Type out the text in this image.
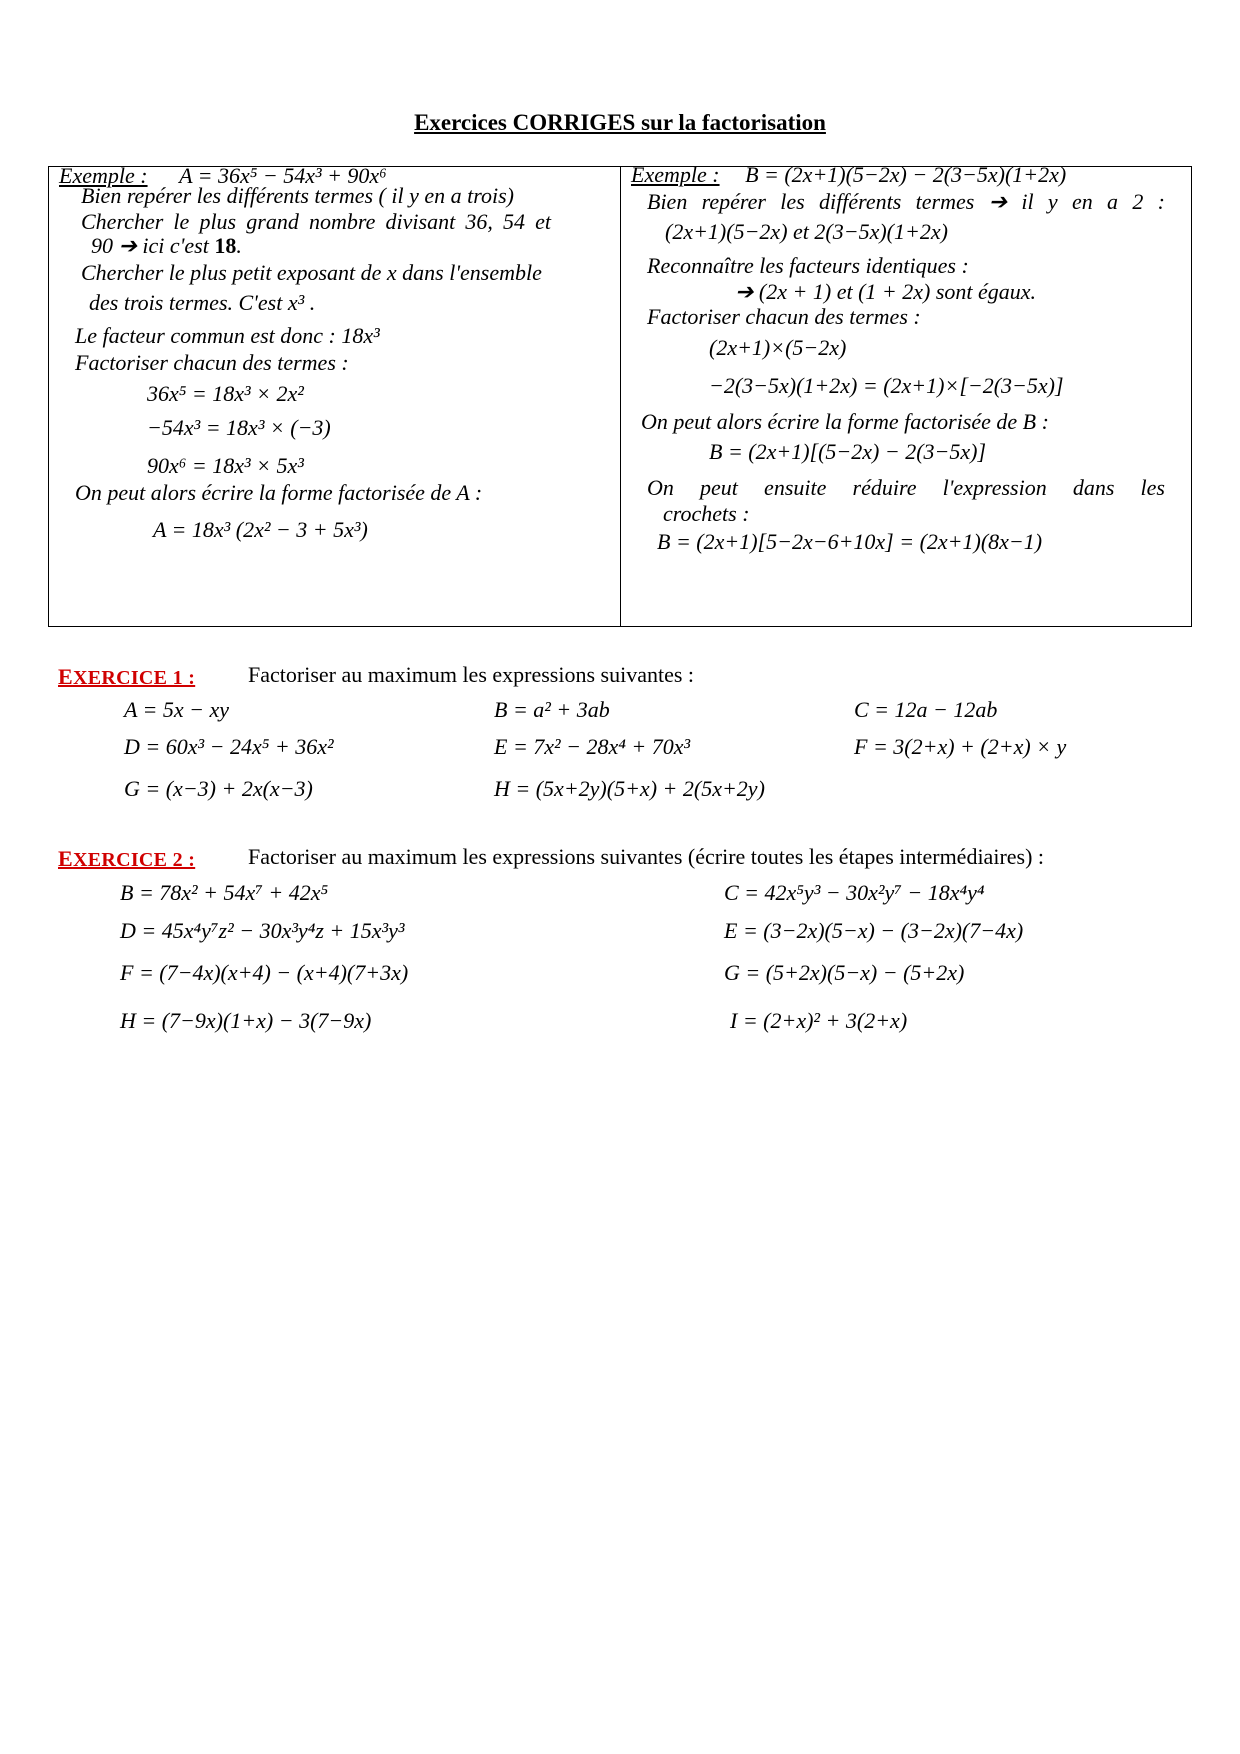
Exercices CORRIGES sur la factorisation
Exemple : A = 36x⁵ − 54x³ + 90x⁶
Bien repérer les différents termes ( il y en a trois)
Chercher le plus grand nombre divisant 36, 54 et
90 ➔ ici c'est 18.
Chercher le plus petit exposant de x dans l'ensemble
des trois termes. C'est x³ .
Le facteur commun est donc : 18x³
Factoriser chacun des termes :
36x⁵ = 18x³ × 2x²
−54x³ = 18x³ × (−3)
90x⁶ = 18x³ × 5x³
On peut alors écrire la forme factorisée de A :
A = 18x³ (2x² − 3 + 5x³)
Exemple : B = (2x+1)(5−2x) − 2(3−5x)(1+2x)
Bien repérer les différents termes ➔ il y en a 2 :
(2x+1)(5−2x) et 2(3−5x)(1+2x)
Reconnaître les facteurs identiques :
➔ (2x + 1) et (1 + 2x) sont égaux.
Factoriser chacun des termes :
(2x+1)×(5−2x)
−2(3−5x)(1+2x) = (2x+1)×[−2(3−5x)]
On peut alors écrire la forme factorisée de B :
B = (2x+1)[(5−2x) − 2(3−5x)]
On peut ensuite réduire l'expression dans les
crochets :
B = (2x+1)[5−2x−6+10x] = (2x+1)(8x−1)
EXERCICE 1 : Factoriser au maximum les expressions suivantes :
A = 5x − xy	B = a² + 3ab	C = 12a − 12ab
D = 60x³ − 24x⁵ + 36x²	E = 7x² − 28x⁴ + 70x³	F = 3(2+x) + (2+x) × y
G = (x−3) + 2x(x−3)	H = (5x+2y)(5+x) + 2(5x+2y)
EXERCICE 2 : Factoriser au maximum les expressions suivantes (écrire toutes les étapes intermédiaires) :
B = 78x² + 54x⁷ + 42x⁵	C = 42x⁵y³ − 30x²y⁷ − 18x⁴y⁴
D = 45x⁴y⁷z² − 30x³y⁴z + 15x³y³	E = (3−2x)(5−x) − (3−2x)(7−4x)
F = (7−4x)(x+4) − (x+4)(7+3x)	G = (5+2x)(5−x) − (5+2x)
H = (7−9x)(1+x) − 3(7−9x)	I = (2+x)² + 3(2+x)
